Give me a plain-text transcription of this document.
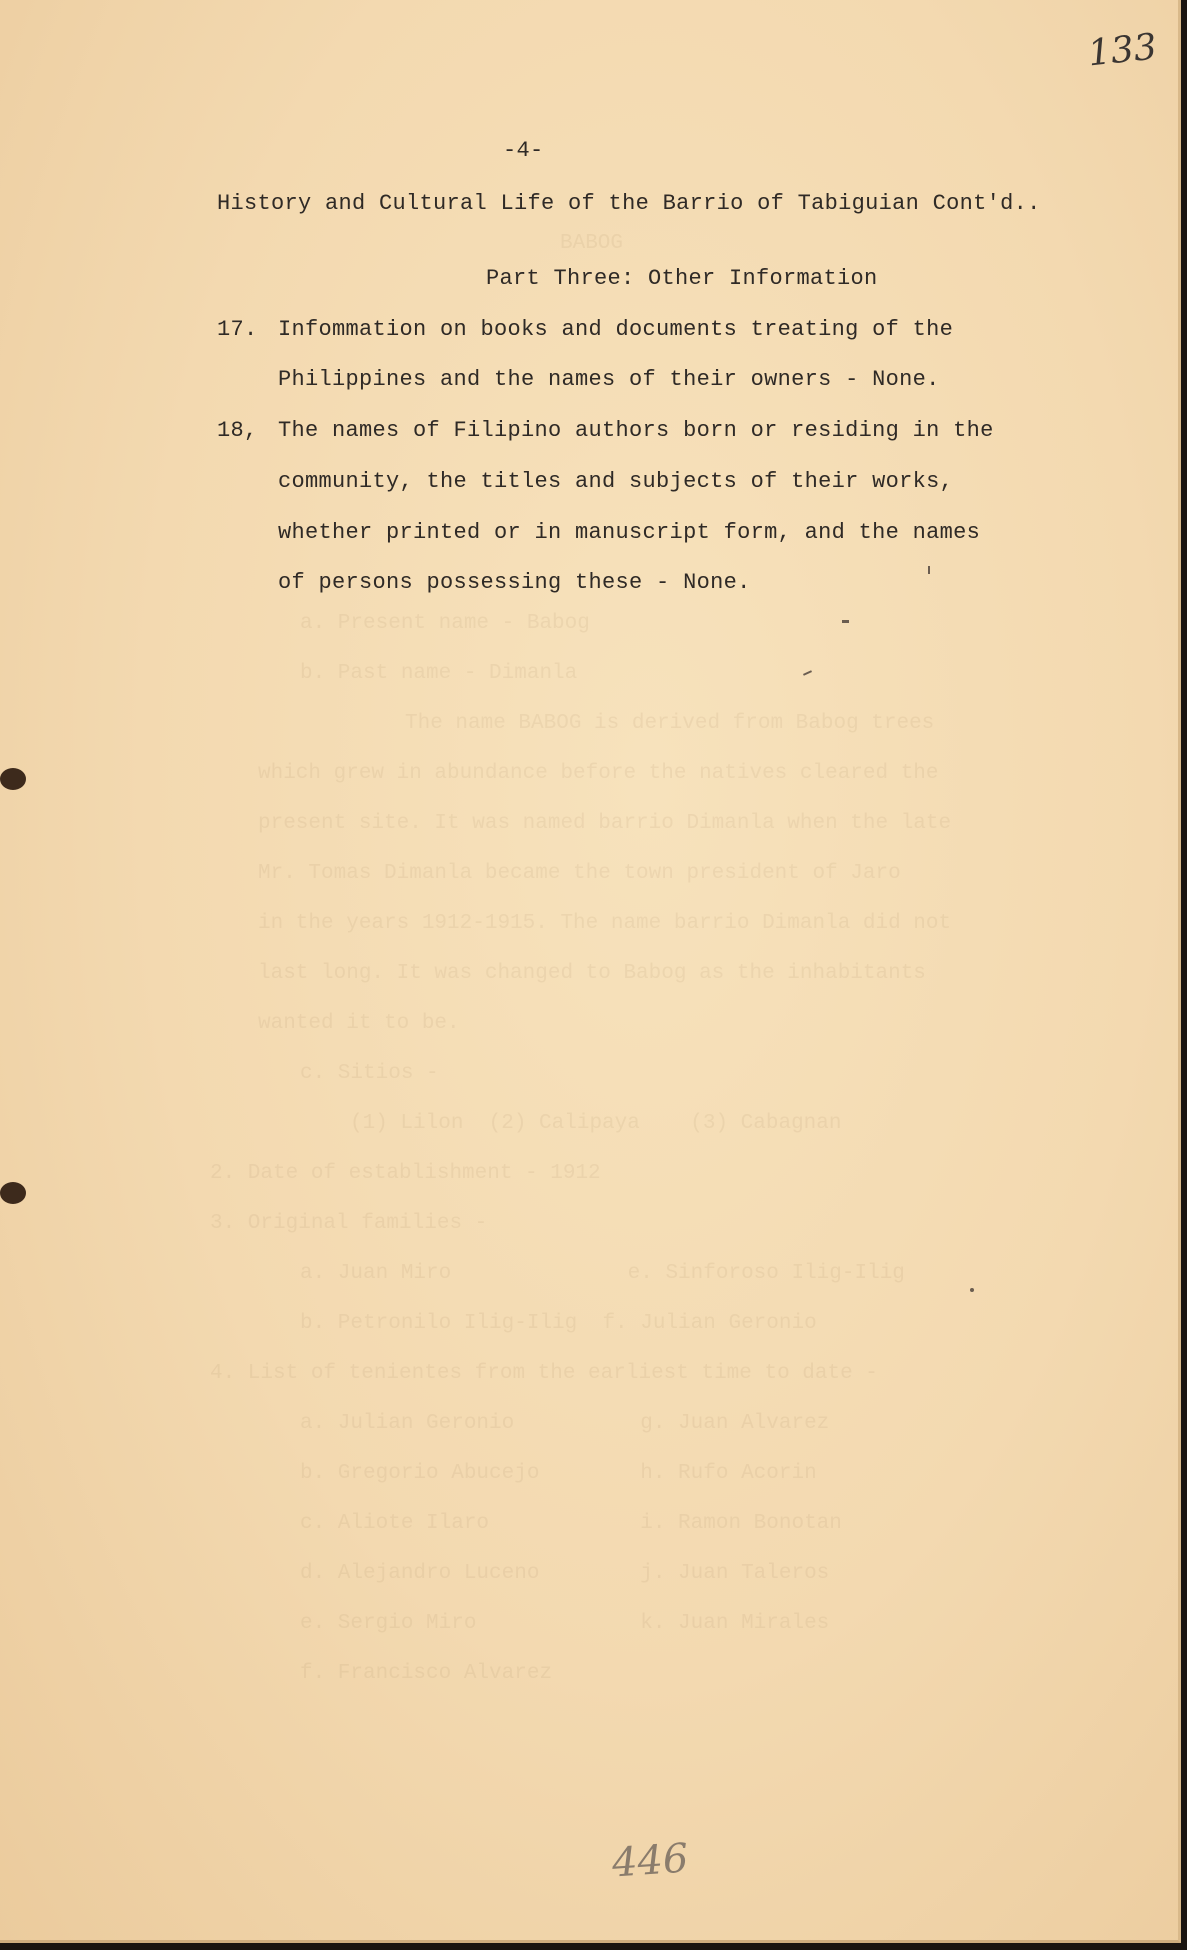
BABOG
a. Present name - Babog
b. Past name - Dimanla
The name BABOG is derived from Babog trees
which grew in abundance before the natives cleared the
present site. It was named barrio Dimanla when the late
Mr. Tomas Dimanla became the town president of Jaro
in the years 1912-1915. The name barrio Dimanla did not
last long. It was changed to Babog as the inhabitants
wanted it to be.
c. Sitios -
(1) Lilon  (2) Calipaya    (3) Cabagnan
2. Date of establishment - 1912
3. Original families -
a. Juan Miro              e. Sinforoso Ilig-Ilig
b. Petronilo Ilig-Ilig  f. Julian Geronio
4. List of tenientes from the earliest time to date -
a. Julian Geronio          g. Juan Alvarez
b. Gregorio Abucejo        h. Rufo Acorin
c. Aliote Ilaro            i. Ramon Bonotan
d. Alejandro Luceno        j. Juan Taleros
e. Sergio Miro             k. Juan Mirales
f. Francisco Alvarez
133
-4-
History and Cultural Life of the Barrio of Tabiguian Cont'd..
Part Three: Other Information
17. Infommation on books and documents treating of the
Philippines and the names of their owners - None.
18, The names of Filipino authors born or residing in the
community, the titles and subjects of their works,
whether printed or in manuscript form, and the names
of persons possessing these - None.
446
